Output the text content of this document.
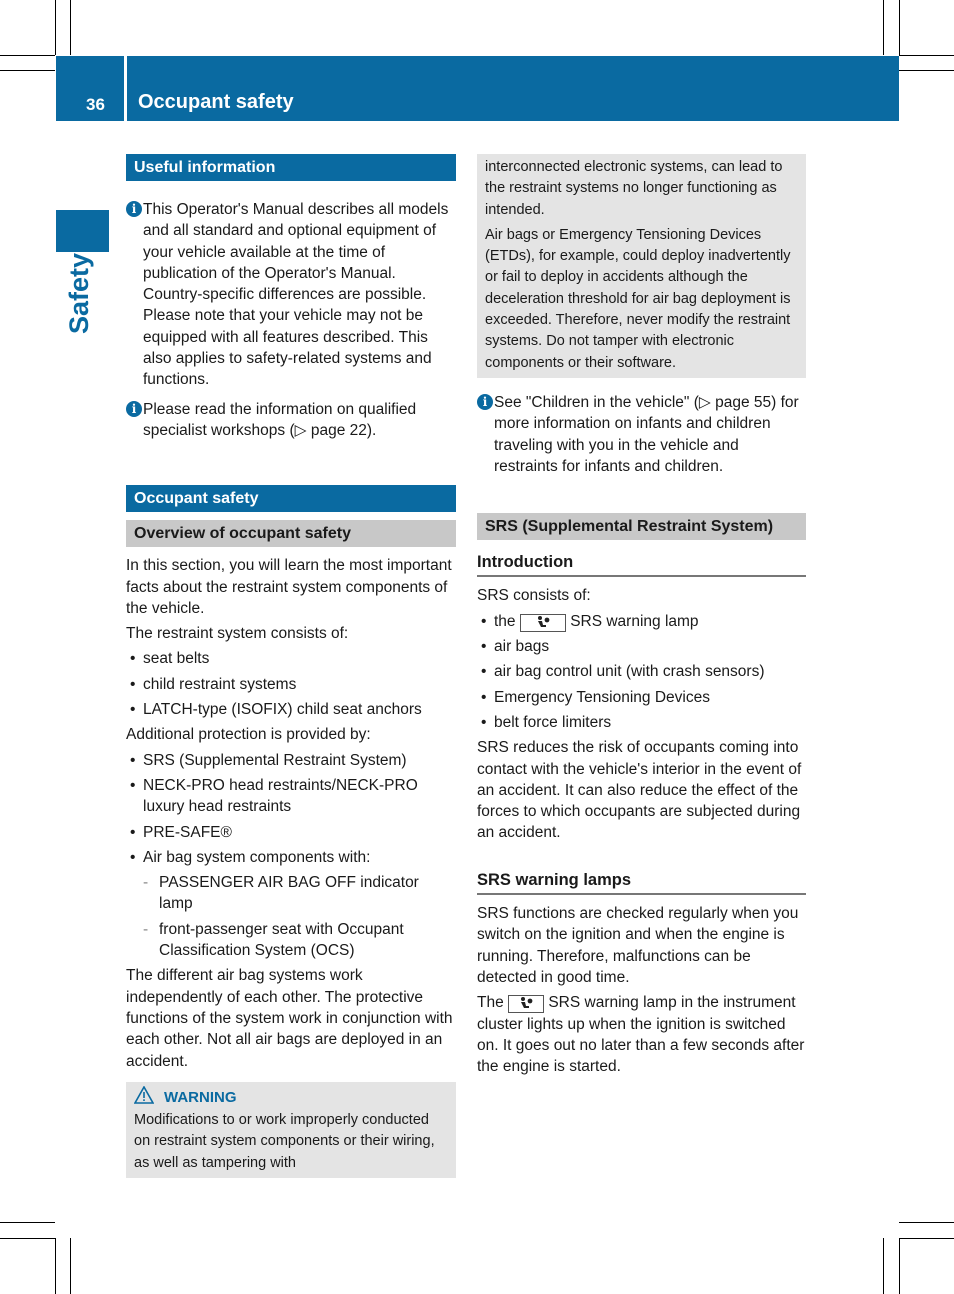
36 Occupant safety
Safety
Useful information
i This Operator's Manual describes all models and all standard and optional equipment of your vehicle available at the time of publication of the Operator's Manual. Country-specific differences are possible. Please note that your vehicle may not be equipped with all features described. This also applies to safety-related systems and functions.
i Please read the information on qualified specialist workshops (▷ page 22).
Occupant safety
Overview of occupant safety

In this section, you will learn the most important facts about the restraint system components of the vehicle.

The restraint system consists of:

• seat belts
• child restraint systems
• LATCH-type (ISOFIX) child seat anchors

Additional protection is provided by:

• SRS (Supplemental Restraint System)
• NECK-PRO head restraints/NECK-PRO luxury head restraints
• PRE-SAFE®
• Air bag system components with:
- PASSENGER AIR BAG OFF indicator lamp
- front-passenger seat with Occupant Classification System (OCS)

The different air bag systems work independently of each other. The protective functions of the system work in conjunction with each other. Not all air bags are deployed in an accident.

WARNING
Modifications to or work improperly conducted on restraint system components or their wiring, as well as tampering with

interconnected electronic systems, can lead to the restraint systems no longer functioning as intended.

Air bags or Emergency Tensioning Devices (ETDs), for example, could deploy inadvertently or fail to deploy in accidents although the deceleration threshold for air bag deployment is exceeded. Therefore, never modify the restraint systems. Do not tamper with electronic components or their software.

i See "Children in the vehicle" (▷ page 55) for more information on infants and children traveling with you in the vehicle and restraints for infants and children.
SRS (Supplemental Restraint System)
Introduction

SRS consists of:

• the	SRS warning lamp
• air bags
• air bag control unit (with crash sensors)
• Emergency Tensioning Devices
• belt force limiters

SRS reduces the risk of occupants coming into contact with the vehicle's interior in the event of an accident. It can also reduce the effect of the forces to which occupants are subjected during an accident.

SRS warning lamps

SRS functions are checked regularly when you switch on the ignition and when the engine is running. Therefore, malfunctions can be detected in good time.

The	SRS warning lamp in the instrument cluster lights up when the ignition is switched on. It goes out no later than a few seconds after the engine is started.
